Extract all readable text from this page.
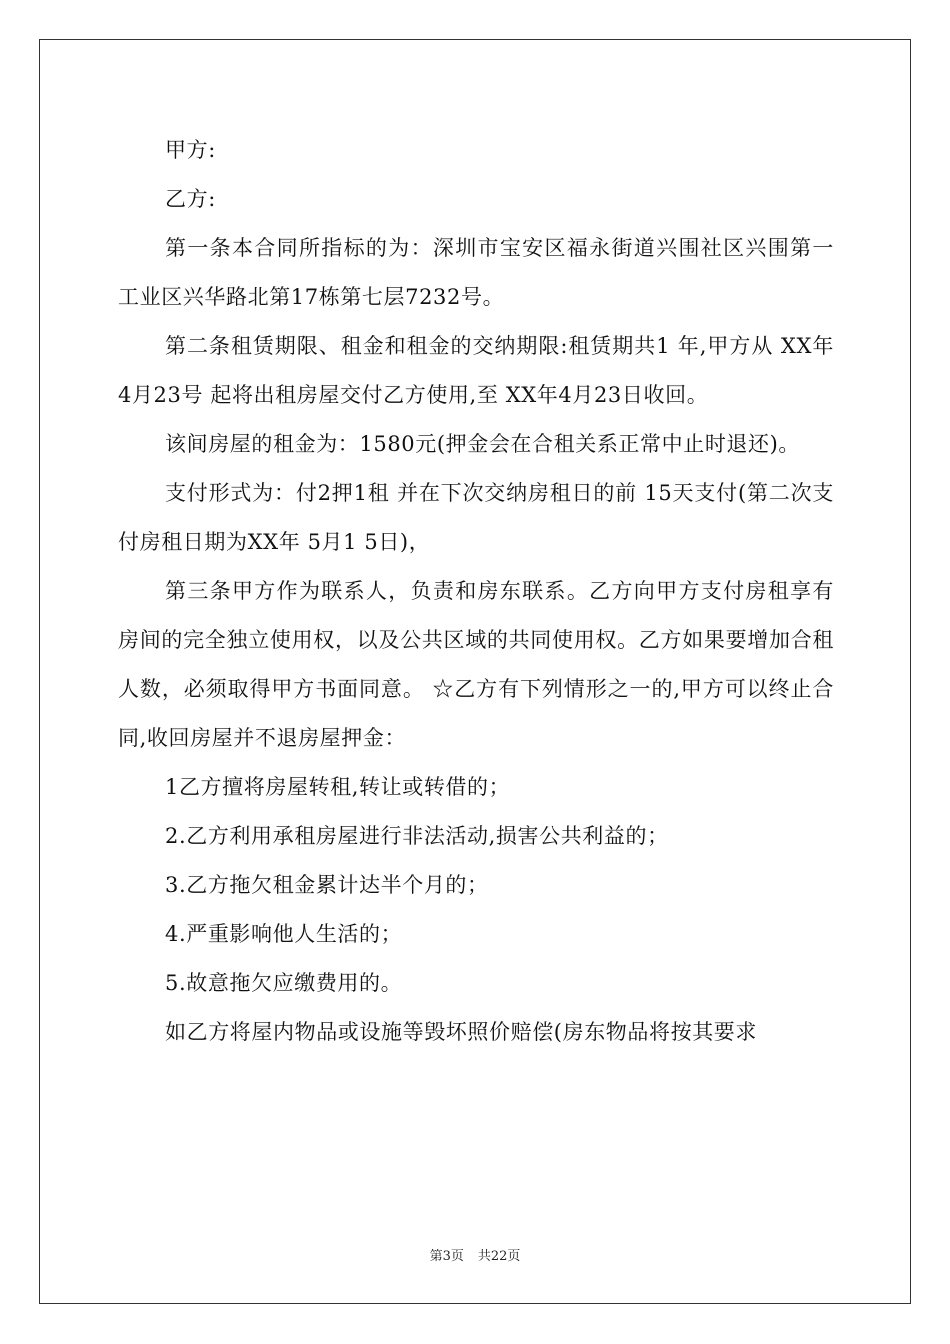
甲方:

乙方:

第一条本合同所指标的为：深圳市宝安区福永街道兴围社区兴围第一工业区兴华路北第17栋第七层7232号。

第二条租赁期限、租金和租金的交纳期限:租赁期共1 年,甲方从 XX年4月23号 起将出租房屋交付乙方使用,至 XX年4月23日收回。

该间房屋的租金为：1580元(押金会在合租关系正常中止时退还)。

支付形式为：付2押1租 并在下次交纳房租日的前 15天支付(第二次支付房租日期为XX年 5月1 5日)，

第三条甲方作为联系人，负责和房东联系。乙方向甲方支付房租享有房间的完全独立使用权，以及公共区域的共同使用权。乙方如果要增加合租人数，必须取得甲方书面同意。 ☆乙方有下列情形之一的,甲方可以终止合同,收回房屋并不退房屋押金：

1乙方擅将房屋转租,转让或转借的；

2.乙方利用承租房屋进行非法活动,损害公共利益的；

3.乙方拖欠租金累计达半个月的；

4.严重影响他人生活的；

5.故意拖欠应缴费用的。

如乙方将屋内物品或设施等毁坏照价赔偿(房东物品将按其要求

第3页 共22页
